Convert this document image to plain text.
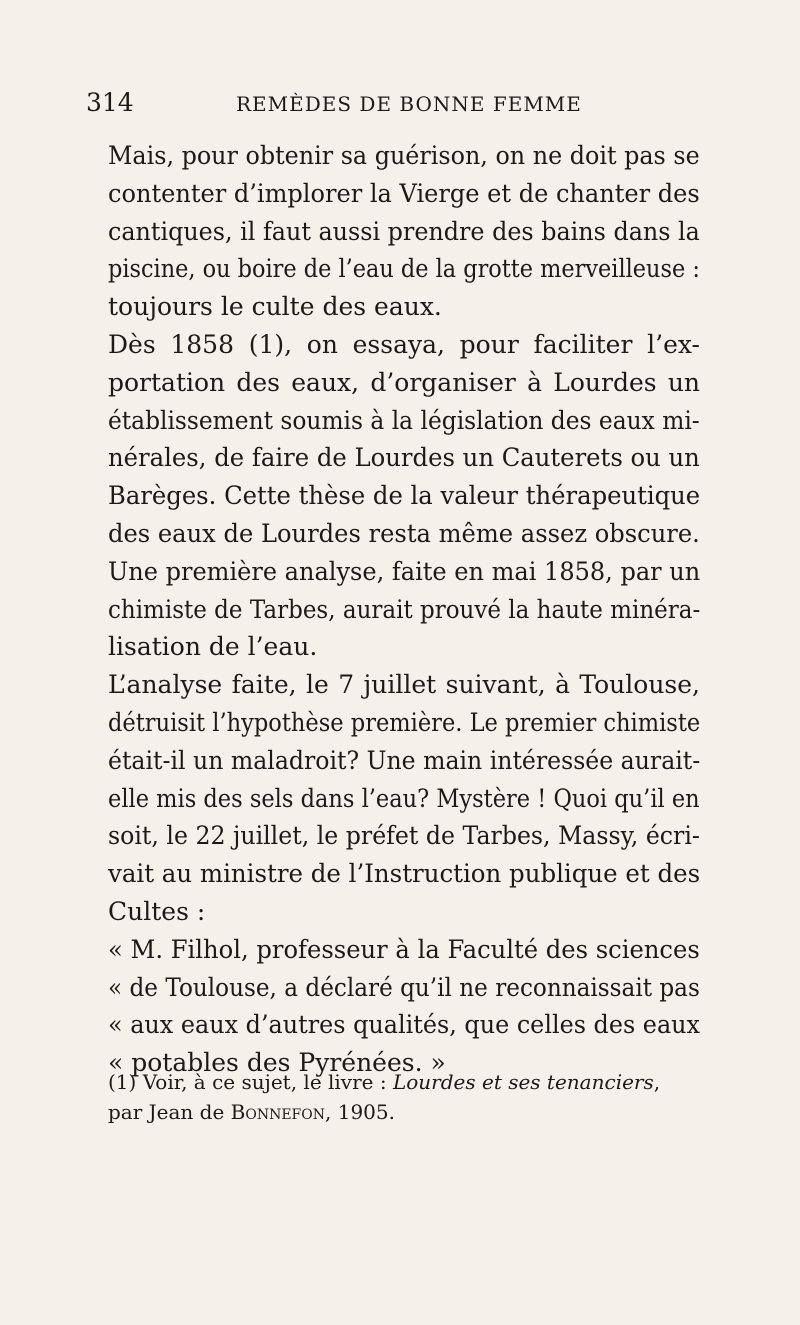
314	REMÈDES DE BONNE FEMME
Mais, pour obtenir sa guérison, on ne doit pas se
contenter d’implorer la Vierge et de chanter des
cantiques, il faut aussi prendre des bains dans la
piscine, ou boire de l’eau de la grotte merveilleuse :
toujours le culte des eaux.
Dès 1858 (1), on essaya, pour faciliter l’ex-
portation des eaux, d’organiser à Lourdes un
établissement soumis à la législation des eaux mi-
nérales, de faire de Lourdes un Cauterets ou un
Barèges. Cette thèse de la valeur thérapeutique
des eaux de Lourdes resta même assez obscure.
Une première analyse, faite en mai 1858, par un
chimiste de Tarbes, aurait prouvé la haute minéra-
lisation de l’eau.
L’analyse faite, le 7 juillet suivant, à Toulouse,
détruisit l’hypothèse première. Le premier chimiste
était-il un maladroit? Une main intéressée aurait-
elle mis des sels dans l’eau? Mystère ! Quoi qu’il en
soit, le 22 juillet, le préfet de Tarbes, Massy, écri-
vait au ministre de l’Instruction publique et des
Cultes :
« M. Filhol, professeur à la Faculté des sciences
« de Toulouse, a déclaré qu’il ne reconnaissait pas
« aux eaux d’autres qualités, que celles des eaux
« potables des Pyrénées. »
(1) Voir, à ce sujet, le livre : Lourdes et ses tenanciers,
par Jean de Bonnefon, 1905.
